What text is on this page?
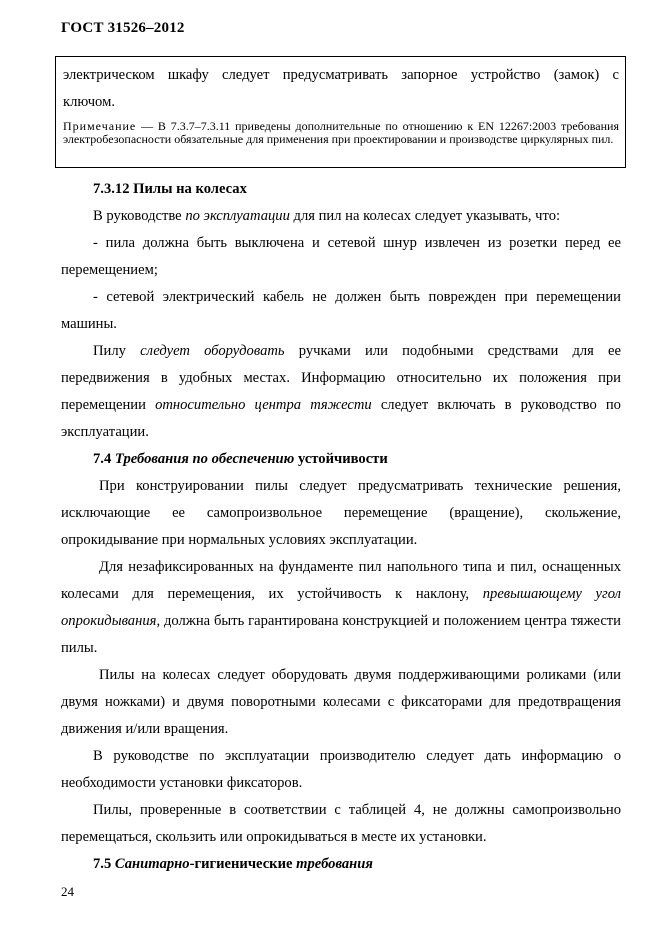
ГОСТ 31526–2012
электрическом шкафу следует предусматривать запорное устройство (замок) с
ключом.
Примечание — В 7.3.7–7.3.11 приведены дополнительные по отношению к EN 12267:2003 требования электробезопасности обязательные для применения при проектировании и производстве циркулярных пил.

7.3.12 Пилы на колесах

В руководстве по эксплуатации для пил на колесах следует указывать, что:

- пила должна быть выключена и сетевой шнур извлечен из розетки перед ее перемещением;

- сетевой электрический кабель не должен быть поврежден при перемещении машины.

Пилу следует оборудовать ручками или подобными средствами для ее передвижения в удобных местах. Информацию относительно их положения при перемещении относительно центра тяжести следует включать в руководство по эксплуатации.

7.4 Требования по обеспечению устойчивости

При конструировании пилы следует предусматривать технические решения, исключающие ее самопроизвольное перемещение (вращение), скольжение, опрокидывание при нормальных условиях эксплуатации.

Для незафиксированных на фундаменте пил напольного типа и пил, оснащенных колесами для перемещения, их устойчивость к наклону, превышающему угол опрокидывания, должна быть гарантирована конструкцией и положением центра тяжести пилы.

Пилы на колесах следует оборудовать двумя поддерживающими роликами (или двумя ножками) и двумя поворотными колесами с фиксаторами для предотвращения движения и/или вращения.

В руководстве по эксплуатации производителю следует дать информацию о необходимости установки фиксаторов.

Пилы, проверенные в соответствии с таблицей 4, не должны самопроизвольно перемещаться, скользить или опрокидываться в месте их установки.

7.5 Санитарно-гигиенические требования

24
